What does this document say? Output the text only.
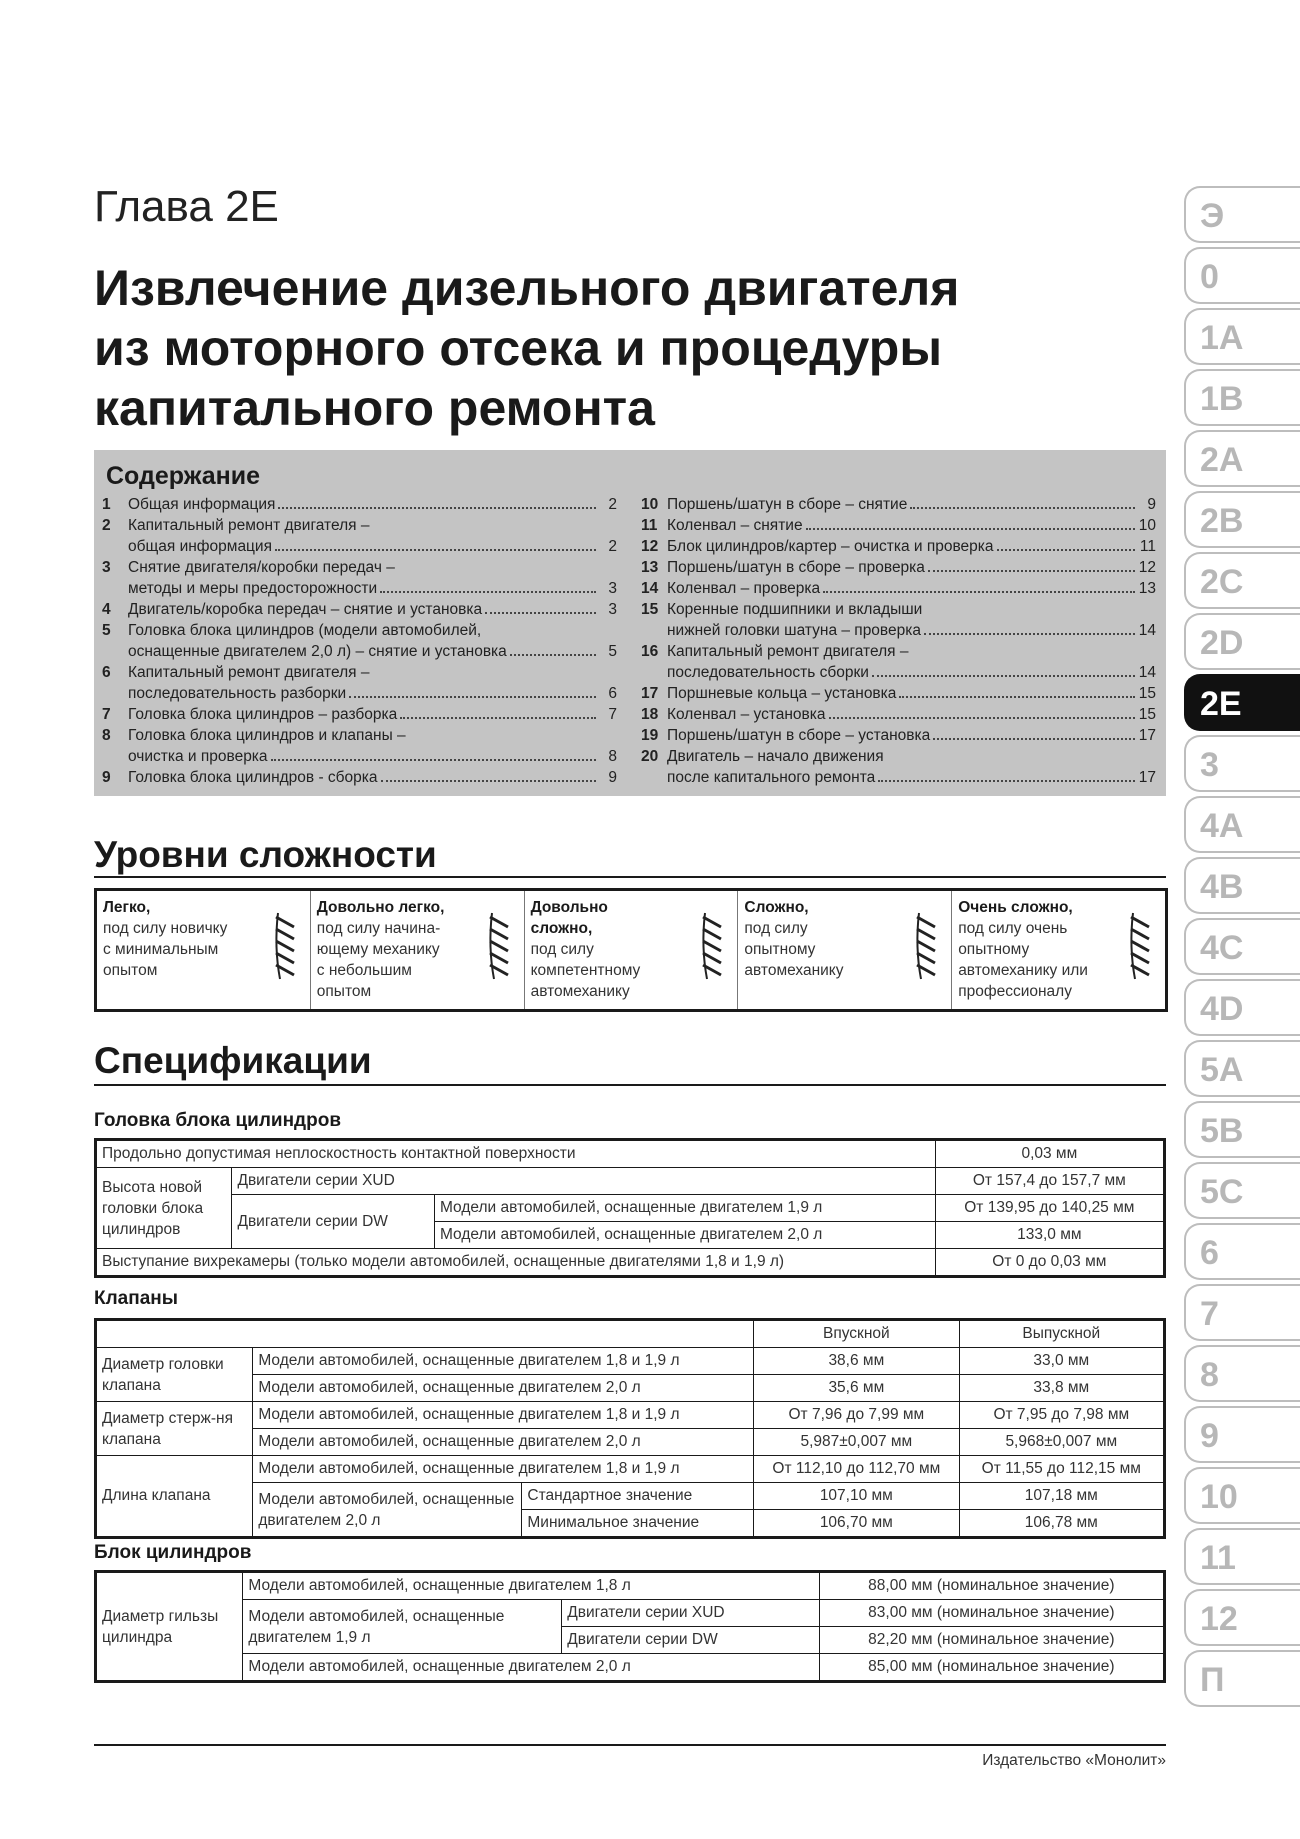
Глава 2E
Извлечение дизельного двигателя
из моторного отсека и процедуры
капитального ремонта
Содержание
1	Общая информация	2
2	Капитальный ремонт двигателя –
общая информация	2
3	Снятие двигателя/коробки передач –
методы и меры предосторожности	3
4	Двигатель/коробка передач – снятие и установка	3
5	Головка блока цилиндров (модели автомобилей,
оснащенные двигателем 2,0 л) – снятие и установка	5
6	Капитальный ремонт двигателя –
последовательность разборки	6
7	Головка блока цилиндров – разборка	7
8	Головка блока цилиндров и клапаны –
очистка и проверка	8
9	Головка блока цилиндров - сборка	9
10 Поршень/шатун в сборе – снятие	9
11 Коленвал – снятие	10
12 Блок цилиндров/картер – очистка и проверка	11
13 Поршень/шатун в сборе – проверка	12
14 Коленвал – проверка	13
15 Коренные подшипники и вкладыши
нижней головки шатуна – проверка	14
16 Капитальный ремонт двигателя –
последовательность сборки	14
17 Поршневые кольца – установка	15
18 Коленвал – установка	15
19 Поршень/шатун в сборе – установка	17
20 Двигатель – начало движения
после капитального ремонта	17
Уровни сложности
Легко,
под силу новичку
с минимальным
опытом
Довольно легко,
под силу начина-
ющему механику
с небольшим
опытом
Довольно
сложно,
под силу
компетентному
автомеханику
Сложно,
под силу
опытному
автомеханику
Очень сложно,
под силу очень
опытному
автомеханику или
профессионалу
Спецификации
Головка блока цилиндров
Продольно допустимая неплоскостность контактной поверхности			0,03 мм
Высота новой головки блока цилиндров	Двигатели серии XUD		От 157,4 до 157,7 мм
	Двигатели серии DW	Модели автомобилей, оснащенные двигателем 1,9 л	От 139,95 до 140,25 мм
		Модели автомобилей, оснащенные двигателем 2,0 л	133,0 мм
Выступание вихрекамеры (только модели автомобилей, оснащенные двигателями 1,8 и 1,9 л)			От 0 до 0,03 мм
Клапаны
			Впускной	Выпускной
Диаметр головки клапана	Модели автомобилей, оснащенные двигателем 1,8 и 1,9 л		38,6 мм	33,0 мм
	Модели автомобилей, оснащенные двигателем 2,0 л		35,6 мм	33,8 мм
Диаметр стерж-ня клапана	Модели автомобилей, оснащенные двигателем 1,8 и 1,9 л		От 7,96 до 7,99 мм	От 7,95 до 7,98 мм
	Модели автомобилей, оснащенные двигателем 2,0 л		5,987±0,007 мм	5,968±0,007 мм
Длина клапана	Модели автомобилей, оснащенные двигателем 1,8 и 1,9 л		От 112,10 до 112,70 мм	От 11,55 до 112,15 мм
	Модели автомобилей, оснащенные двигателем 2,0 л	Стандартное значение	107,10 мм	107,18 мм
		Минимальное значение	106,70 мм	106,78 мм
Блок цилиндров
Диаметр гильзы цилиндра	Модели автомобилей, оснащенные двигателем 1,8 л		88,00 мм (номинальное значение)
	Модели автомобилей, оснащенные двигателем 1,9 л	Двигатели серии XUD	83,00 мм (номинальное значение)
		Двигатели серии DW	82,20 мм (номинальное значение)
	Модели автомобилей, оснащенные двигателем 2,0 л		85,00 мм (номинальное значение)
Э
0
1A
1B
2A
2B
2C
2D
2E
3
4A
4B
4C
4D
5A
5B
5C
6
7
8
9
10
11
12
П
Издательство «Монолит»
